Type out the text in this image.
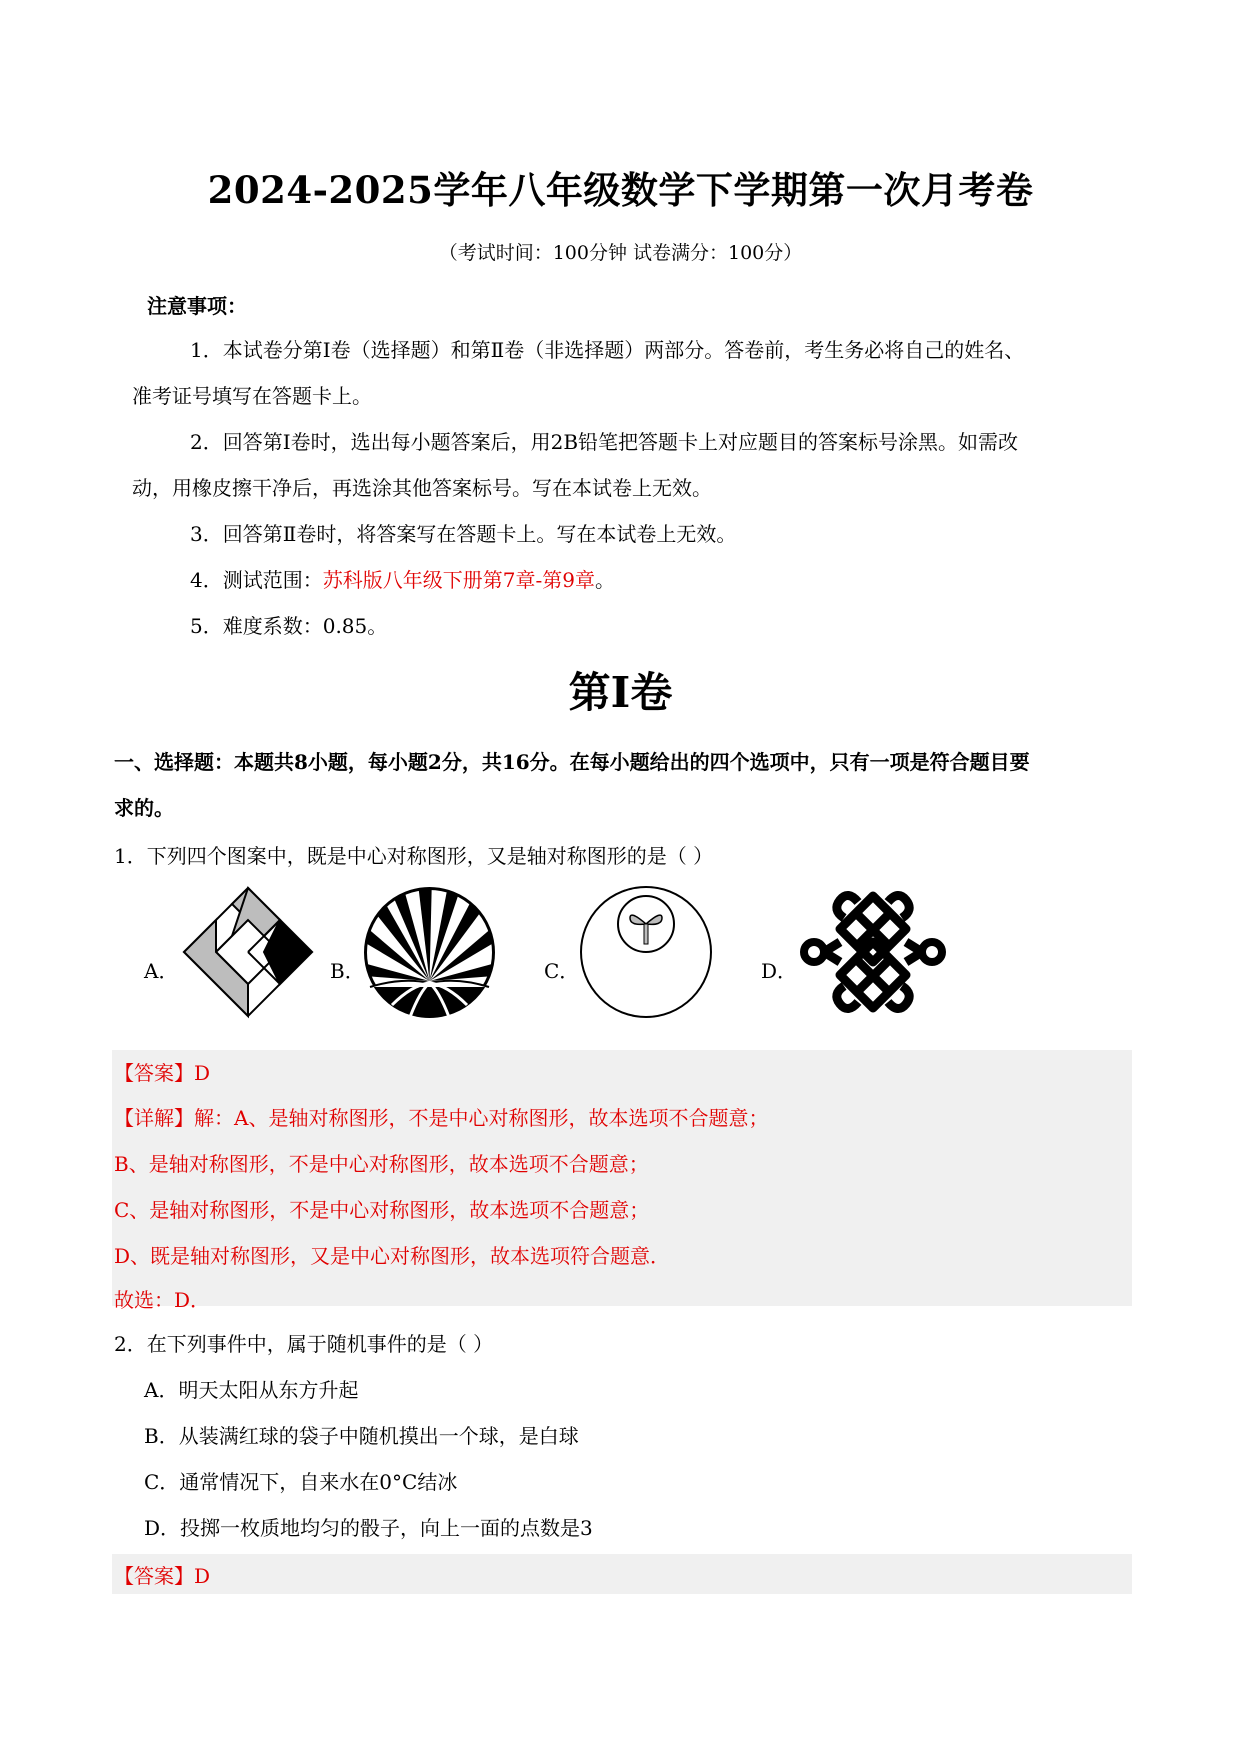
2024-2025学年八年级数学下学期第一次月考卷
（考试时间：100分钟 试卷满分：100分）
注意事项：
1．本试卷分第Ⅰ卷（选择题）和第Ⅱ卷（非选择题）两部分。答卷前，考生务必将自己的姓名、
准考证号填写在答题卡上。
2．回答第Ⅰ卷时，选出每小题答案后，用2B铅笔把答题卡上对应题目的答案标号涂黑。如需改
动，用橡皮擦干净后，再选涂其他答案标号。写在本试卷上无效。
3．回答第Ⅱ卷时，将答案写在答题卡上。写在本试卷上无效。
4．测试范围：苏科版八年级下册第7章-第9章。
5．难度系数：0.85。
第Ⅰ卷
一、选择题：本题共8小题，每小题2分，共16分。在每小题给出的四个选项中，只有一项是符合题目要
求的。
1．下列四个图案中，既是中心对称图形，又是轴对称图形的是（ ）
A．	B．	C．	D．
【答案】D
【详解】解：A、是轴对称图形，不是中心对称图形，故本选项不合题意；
B、是轴对称图形，不是中心对称图形，故本选项不合题意；
C、是轴对称图形，不是中心对称图形，故本选项不合题意；
D、既是轴对称图形，又是中心对称图形，故本选项符合题意．
故选：D．
2．在下列事件中，属于随机事件的是（ ）
A．明天太阳从东方升起
B．从装满红球的袋子中随机摸出一个球，是白球
C．通常情况下，自来水在0°C结冰
D．投掷一枚质地均匀的骰子，向上一面的点数是3
【答案】D
